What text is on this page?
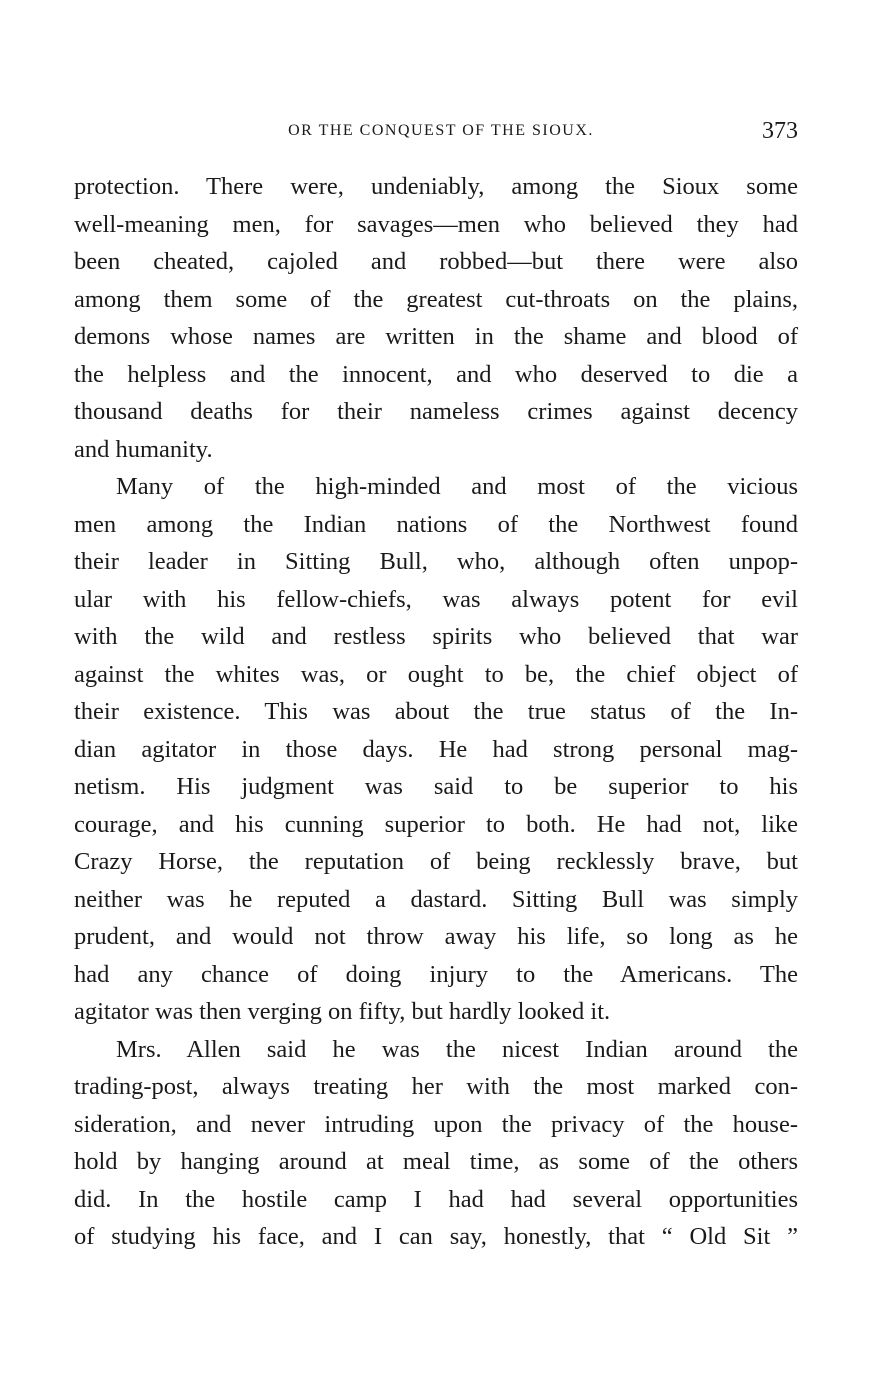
OR THE CONQUEST OF THE SIOUX.	373
protection. There were, undeniably, among the Sioux some
well-meaning men, for savages—men who believed they had
been cheated, cajoled and robbed—but there were also
among them some of the greatest cut-throats on the plains,
demons whose names are written in the shame and blood of
the helpless and the innocent, and who deserved to die a
thousand deaths for their nameless crimes against decency
and humanity.
Many of the high-minded and most of the vicious
men among the Indian nations of the Northwest found
their leader in Sitting Bull, who, although often unpop-
ular with his fellow-chiefs, was always potent for evil
with the wild and restless spirits who believed that war
against the whites was, or ought to be, the chief object of
their existence. This was about the true status of the In-
dian agitator in those days. He had strong personal mag-
netism. His judgment was said to be superior to his
courage, and his cunning superior to both. He had not, like
Crazy Horse, the reputation of being recklessly brave, but
neither was he reputed a dastard. Sitting Bull was simply
prudent, and would not throw away his life, so long as he
had any chance of doing injury to the Americans. The
agitator was then verging on fifty, but hardly looked it.
Mrs. Allen said he was the nicest Indian around the
trading-post, always treating her with the most marked con-
sideration, and never intruding upon the privacy of the house-
hold by hanging around at meal time, as some of the others
did. In the hostile camp I had had several opportunities
of studying his face, and I can say, honestly, that “ Old Sit ”
